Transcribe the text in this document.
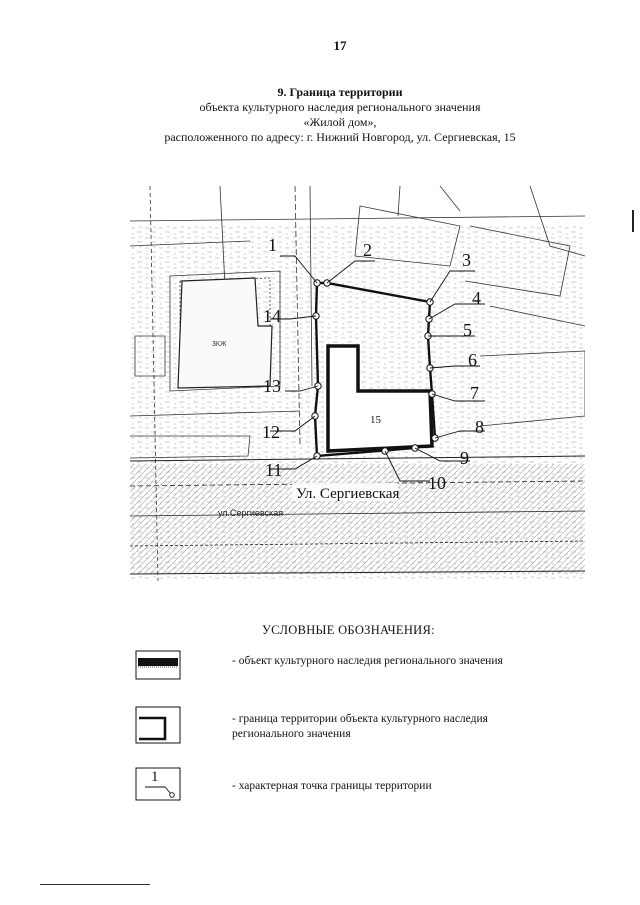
17
9. Граница территории
объекта культурного наследия регионального значения
«Жилой дом»,
расположенного по адресу: г. Нижний Новгород, ул. Сергиевская, 15
3КЖ
15
1	2	3
4
5
6
7
8
9
10
11
12
13
14
Ул. Сергиевская
ул.Сергиевская
УСЛОВНЫЕ ОБОЗНАЧЕНИЯ:
- объект культурного наследия регионального значения
- граница территории объекта культурного наследия регионального значения
1
- характерная точка границы территории
